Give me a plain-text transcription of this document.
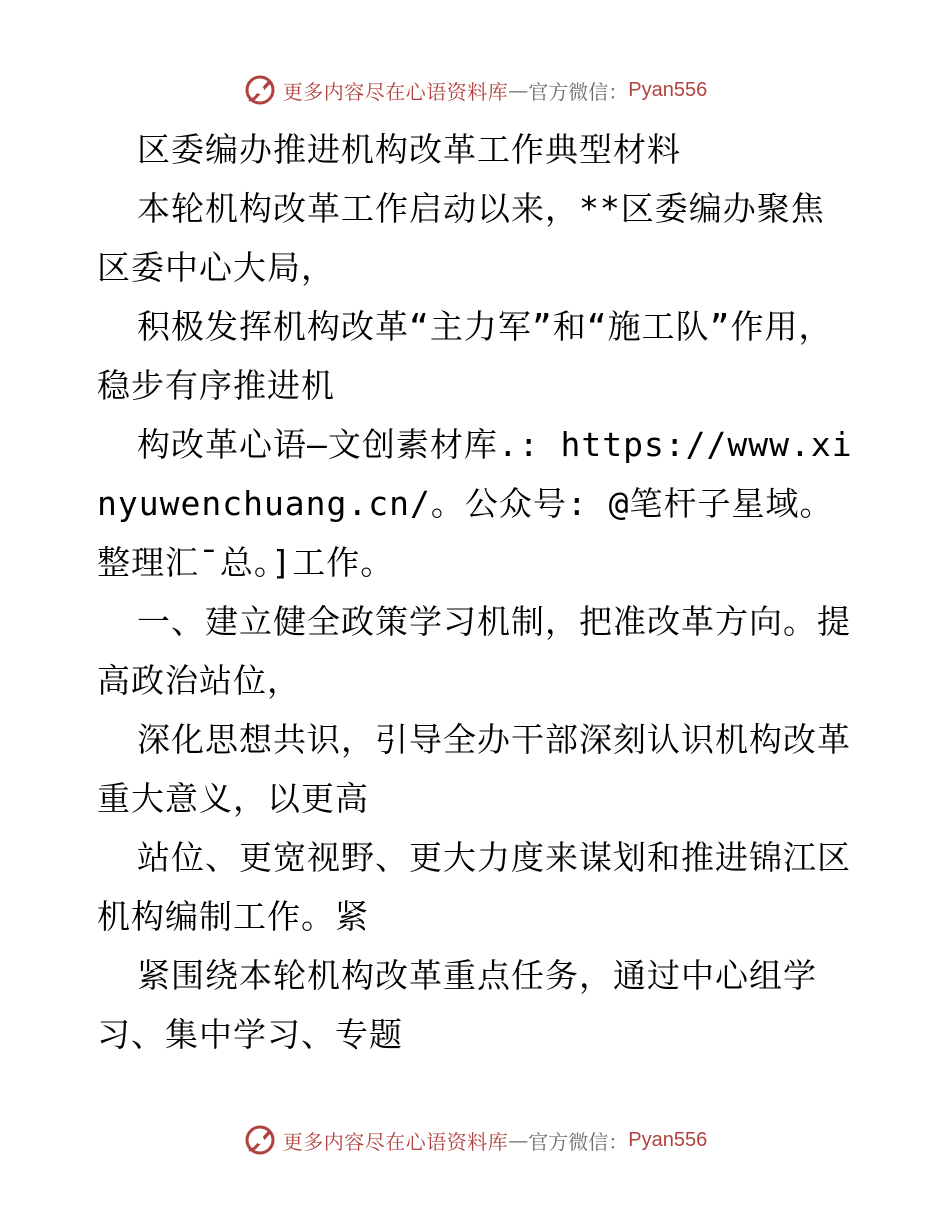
更多内容尽在心语资料库 — 官方微信： Pyan556

区委编办推进机构改革工作典型材料

本轮机构改革工作启动以来，**区委编办聚焦区委中心大局，

积极发挥机构改革“主力军”和“施工队”作用，稳步有序推进机

构改革心语—文创素材库.: https://www.xinyuwenchuang.cn/。公众号: @笔杆子星域。整理汇¯总。]工作。

一、建立健全政策学习机制，把准改革方向。提高政治站位，

深化思想共识，引导全办干部深刻认识机构改革重大意义，以更高

站位、更宽视野、更大力度来谋划和推进锦江区机构编制工作。紧

紧围绕本轮机构改革重点任务，通过中心组学习、集中学习、专题

更多内容尽在心语资料库 — 官方微信： Pyan556
